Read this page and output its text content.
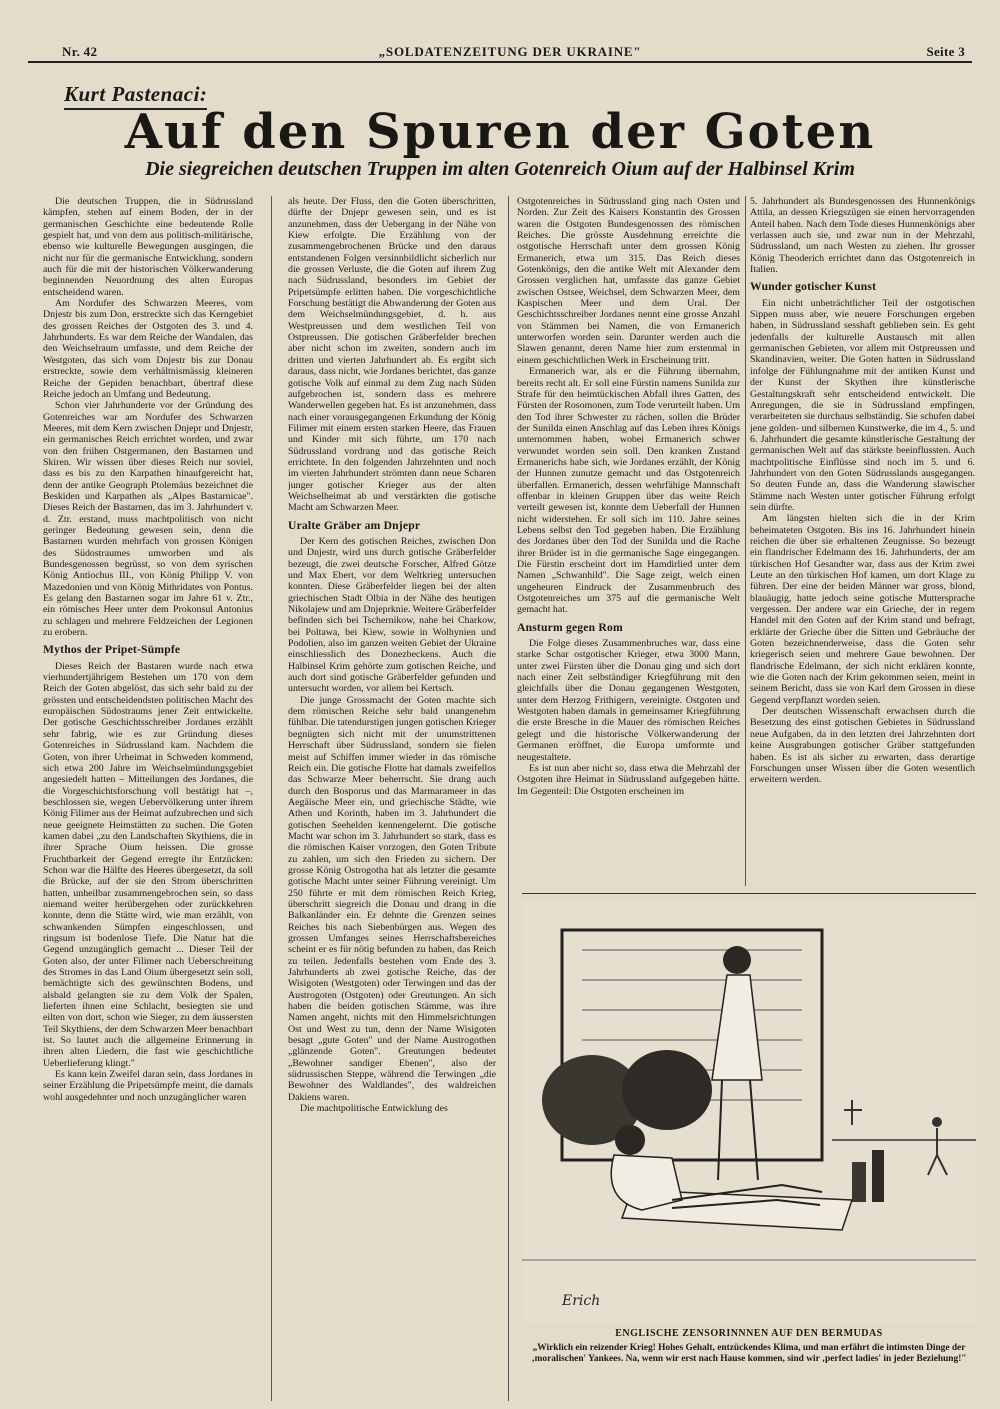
Nr. 42	„SOLDATENZEITUNG DER UKRAINE"	Seite 3
Kurt Pastenaci:
Auf den Spuren der Goten
Die siegreichen deutschen Truppen im alten Gotenreich Oium auf der Halbinsel Krim

Die deutschen Truppen, die in Südrussland kämpfen, stehen auf einem Boden, der in der germanischen Geschichte eine bedeutende Rolle gespielt hat, und von dem aus politisch-militärische, ebenso wie kulturelle Bewegungen ausgingen, die nicht nur für die germanische Entwicklung, sondern auch für die mit der historischen Völkerwanderung beginnenden Neuordnung des alten Europas entscheidend waren.

Am Nordufer des Schwarzen Meeres, vom Dnjestr bis zum Don, erstreckte sich das Kerngebiet des grossen Reiches der Ostgoten des 3. und 4. Jahrhunderts. Es war dem Reiche der Wandalen, das den Weichselraum umfasste, und dem Reiche der Westgoten, das sich vom Dnjestr bis zur Donau erstreckte, sowie dem verhältnismässig kleineren Reiche der Gepiden benachbart, übertraf diese Reiche jedoch an Umfang und Bedeutung.

Schon vier Jahrhunderte vor der Gründung des Gotenreiches war am Nordufer des Schwarzen Meeres, mit dem Kern zwischen Dnjepr und Dnjestr, ein germanisches Reich errichtet worden, und zwar von den frühen Ostgermanen, den Bastarnen und Skiren. Wir wissen über dieses Reich nur soviel, dass es bis zu den Karpathen hinaufgereicht hat, denn der antike Geograph Ptolemäus bezeichnet die Beskiden und Karpathen als „Alpes Bastarnicae". Dieses Reich der Bastarnen, das im 3. Jahrhundert v. d. Ztr. erstand, muss machtpolitisch von nicht geringer Bedeutung gewesen sein, denn die Bastarnen wurden mehrfach von grossen Königen des Südostraumes umworben und als Bundesgenossen begrüsst, so von dem syrischen König Antiochus III., von König Philipp V. von Mazedonien und von König Mithridates von Pontus. Es gelang den Bastarnen sogar im Jahre 61 v. Ztr., ein römisches Heer unter dem Prokonsul Antonius zu schlagen und mehrere Feldzeichen der Legionen zu erobern.

Mythos der Pripet-Sümpfe

Dieses Reich der Bastaren wurde nach etwa vierhundertjährigem Bestehen um 170 von dem Reich der Goten abgelöst, das sich sehr bald zu der grössten und entscheidendsten politischen Macht des europäischen Südostraums jener Zeit entwickelte. Der gotische Geschichtsschreiber Jordanes erzählt sehr fabrig, wie es zur Gründung dieses Gotenreiches in Südrussland kam. Nachdem die Goten, von ihrer Urheimat in Schweden kommend, sich etwa 200 Jahre im Weichselmündungsgebiet angesiedelt hatten – Mitteilungen des Jordanes, die die Vorgeschichtsforschung voll bestätigt hat –, beschlossen sie, wegen Uebervölkerung unter ihrem König Filimer aus der Heimat aufzubrechen und sich neue geeignete Heimstätten zu suchen. Die Goten kamen dabei „zu den Landschaften Skythiens, die in ihrer Sprache Oium heissen. Die grosse Fruchtbarkeit der Gegend erregte ihr Entzücken: Schon war die Hälfte des Heeres übergesetzt, da soll die Brücke, auf der sie den Strom überschritten hatten, unheilbar zusammengebrochen sein, so dass niemand weiter herübergehen oder zurückkehren konnte, denn die Stätte wird, wie man erzählt, von schwankenden Sümpfen eingeschlossen, und ringsum ist bodenlose Tiefe. Die Natur hat die Gegend unzugänglich gemacht ... Dieser Teil der Goten also, der unter Filimer nach Ueberschreitung des Stromes in das Land Oium übergesetzt sein soll, bemächtigte sich des gewünschten Bodens, und alsbald gelangten sie zu dem Volk der Spalen, lieferten ihnen eine Schlacht, besiegten sie und eilten von dort, schon wie Sieger, zu dem äussersten Teil Skythiens, der dem Schwarzen Meer benachbart ist. So lautet auch die allgemeine Erinnerung in ihren alten Liedern, die fast wie geschichtliche Ueberlieferung klingt."

Es kann kein Zweifel daran sein, dass Jordanes in seiner Erzählung die Pripetsümpfe meint, die damals wohl ausgedehnter und noch unzugänglicher waren

als heute. Der Fluss, den die Goten überschritten, dürfte der Dnjepr gewesen sein, und es ist anzunehmen, dass der Uebergang in der Nähe von Kiew erfolgte. Die Erzählung von der zusammengebrochenen Brücke und den daraus entstandenen Folgen versinnbildlicht sicherlich nur die grossen Verluste, die die Goten auf ihrem Zug nach Südrussland, besonders im Gebiet der Pripetsümpfe erlitten haben. Die vorgeschichtliche Forschung bestätigt die Abwanderung der Goten aus dem Weichselmündungsgebiet, d. h. aus Westpreussen und dem westlichen Teil von Ostpreussen. Die gotischen Gräberfelder brechen aber nicht schon im zweiten, sondern auch im dritten und vierten Jahrhundert ab. Es ergibt sich daraus, dass nicht, wie Jordanes berichtet, das ganze gotische Volk auf einmal zu dem Zug nach Süden aufgebrochen ist, sondern dass es mehrere Wanderwellen gegeben hat. Es ist anzunehmen, dass nach einer vorausgegangenen Erkundung der König Filimer mit einem ersten starken Heere, das Frauen und Kinder mit sich führte, um 170 nach Südrussland vordrang und das gotische Reich errichtete. In den folgenden Jahrzehnten und noch im vierten Jahrhundert strömten dann neue Scharen junger gotischer Krieger aus der alten Weichselheimat ab und verstärkten die gotische Macht am Schwarzen Meer.

Uralte Gräber am Dnjepr

Der Kern des gotischen Reiches, zwischen Don und Dnjestr, wird uns durch gotische Gräberfelder bezeugt, die zwei deutsche Forscher, Alfred Götze und Max Ebert, vor dem Weltkrieg untersuchen konnten. Diese Gräberfelder liegen bei der alten griechischen Stadt Olbia in der Nähe des heutigen Nikolajew und am Dnjeprknie. Weitere Gräberfelder befinden sich bei Tschernikow, nahe bei Charkow, bei Poltawa, bei Kiew, sowie in Wolhynien und Podolien, also im ganzen weiten Gebiet der Ukraine einschliesslich des Donezbeckens. Auch die Halbinsel Krim gehörte zum gotischen Reiche, und auch dort sind gotische Gräberfelder gefunden und untersucht worden, vor allem bei Kertsch.

Die junge Grossmacht der Goten machte sich dem römischen Reiche sehr bald unangenehm fühlbar. Die tatendurstigen jungen gotischen Krieger begnügten sich nicht mit der unumstrittenen Herrschaft über Südrussland, sondern sie fielen meist auf Schiffen immer wieder in das römische Reich ein. Die gotische Flotte hat damals zweifellos das Schwarze Meer beherrscht. Sie drang auch durch den Bosporus und das Marmarameer in das Aegäische Meer ein, und griechische Städte, wie Athen und Korinth, haben im 3. Jahrhundert die gotischen Seehelden kennengelernt. Die gotische Macht war schon im 3. Jahrhundert so stark, dass es die römischen Kaiser vorzogen, den Goten Tribute zu zahlen, um sich den Frieden zu sichern. Der grosse König Ostrogotha hat als letzter die gesamte gotische Macht unter seiner Führung vereinigt. Um 250 führte er mit dem römischen Reich Krieg, überschritt siegreich die Donau und drang in die Balkanländer ein. Er dehnte die Grenzen seines Reiches bis nach Siebenbürgen aus. Wegen des grossen Umfanges seines Herrschaftsbereiches scheint er es für nötig befunden zu haben, das Reich zu teilen. Jedenfalls bestehen vom Ende des 3. Jahrhunderts ab zwei gotische Reiche, das der Wisigoten (Westgoten) oder Terwingen und das der Austrogoten (Ostgoten) oder Greutungen. An sich haben die beiden gotischen Stämme, was ihre Namen angeht, nichts mit den Himmelsrichtungen Ost und West zu tun, denn der Name Wisigoten besagt „gute Goten" und der Name Austrogothen „glänzende Goten". Greutungen bedeutet „Bewohner sandiger Ebenen", also der südrussischen Steppe, während die Terwingen „die Bewohner des Waldlandes", des waldreichen Dakiens waren.

Die machtpolitische Entwicklung des

Ostgotenreiches in Südrussland ging nach Osten und Norden. Zur Zeit des Kaisers Konstantin des Grossen waren die Ostgoten Bundesgenossen des römischen Reiches. Die grösste Ausdehnung erreichte die ostgotische Herrschaft unter dem grossen König Ermanerich, etwa um 315. Das Reich dieses Gotenkönigs, den die antike Welt mit Alexander dem Grossen verglichen hat, umfasste das ganze Gebiet zwischen Ostsee, Weichsel, dem Schwarzen Meer, dem Kaspischen Meer und dem Ural. Der Geschichtsschreiber Jordanes nennt eine grosse Anzahl von Stämmen bei Namen, die von Ermanerich unterworfen worden sein. Darunter werden auch die Slawen genannt, deren Name hier zum erstenmal in einem geschichtlichen Werk in Erscheinung tritt.

Ermanerich war, als er die Führung übernahm, bereits recht alt. Er soll eine Fürstin namens Sunilda zur Strafe für den heimtückischen Abfall ihres Gatten, des Fürsten der Rosomonen, zum Tode verurteilt haben. Um den Tod ihrer Schwester zu rächen, sollen die Brüder der Sunilda einen Anschlag auf das Leben ihres Königs unternommen haben, wobei Ermanerich schwer verwundet worden sein soll. Den kranken Zustand Ermanerichs habe sich, wie Jordanes erzählt, der König der Hunnen zunutze gemacht und das Ostgotenreich überfallen. Ermanerich, dessen wehrfähige Mannschaft offenbar in kleinen Gruppen über das weite Reich verteilt gewesen ist, konnte dem Ueberfall der Hunnen nicht widerstehen. Er soll sich im 110. Jahre seines Lebens selbst den Tod gegeben haben. Die Erzählung des Jordanes über den Tod der Sunilda und die Rache ihrer Brüder ist in die germanische Sage eingegangen. Die Fürstin erscheint dort im Hamdirlied unter dem Namen „Schwanhild". Die Sage zeigt, welch einen ungeheuren Eindruck der Zusammenbruch des Ostgotenreiches um 375 auf die germanische Welt gemacht hat.

Ansturm gegen Rom

Die Folge dieses Zusammenbruches war, dass eine starke Schar ostgotischer Krieger, etwa 3000 Mann, unter zwei Fürsten über die Donau ging und sich dort nach einer Zeit selbständiger Kriegführung mit den gleichfalls über die Donau gegangenen Westgoten, unter dem Herzog Frithigern, vereinigte. Ostgoten und Westgoten haben damals in gemeinsamer Kriegführung die erste Bresche in die Mauer des römischen Reiches gelegt und die historische Völkerwanderung der Germanen eröffnet, die Europa umformte und neugestaltete.

Es ist nun aber nicht so, dass etwa die Mehrzahl der Ostgoten ihre Heimat in Südrussland aufgegeben hätte. Im Gegenteil: Die Ostgoten erscheinen im

5. Jahrhundert als Bundesgenossen des Hunnenkönigs Attila, an dessen Kriegszügen sie einen hervorragenden Anteil haben. Nach dem Tode dieses Hunnenkönigs aber verlassen auch sie, und zwar nun in der Mehrzahl, Südrussland, um nach Westen zu ziehen. Ihr grosser König Theoderich errichtet dann das Ostgotenreich in Italien.

Wunder gotischer Kunst

Ein nicht unbeträchtlicher Teil der ostgotischen Sippen muss aber, wie neuere Forschungen ergeben haben, in Südrussland sesshaft geblieben sein. Es geht jedenfalls der kulturelle Austausch mit allen germanischen Gebieten, vor allem mit Ostpreussen und Skandinavien, weiter. Die Goten hatten in Südrussland infolge der Fühlungnahme mit der antiken Kunst und der Kunst der Skythen ihre künstlerische Gestaltungskraft sehr entscheidend entwickelt. Die Anregungen, die sie in Südrussland empfingen, verarbeiteten sie durchaus selbständig. Sie schufen dabei jene golden- und silbernen Kunstwerke, die im 4., 5. und 6. Jahrhundert die gesamte künstlerische Gestaltung der germanischen Welt auf das stärkste beeinflussten. Auch machtpolitische Einflüsse sind noch im 5. und 6. Jahrhundert von den Goten Südrusslands ausgegangen. So deuten Funde an, dass die Wanderung slawischer Stämme nach Westen unter gotischer Führung erfolgt sein dürfte.

Am längsten hielten sich die in der Krim beheimateten Ostgoten. Bis ins 16. Jahrhundert hinein reichen die über sie erhaltenen Zeugnisse. So bezeugt ein flandrischer Edelmann des 16. Jahrhunderts, der am türkischen Hof Gesandter war, dass aus der Krim zwei Leute an den türkischen Hof kamen, um dort Klage zu führen. Der eine der beiden Männer war gross, blond, blauäugig, hatte jedoch seine gotische Muttersprache vergessen. Der andere war ein Grieche, der in regem Handel mit den Goten auf der Krim stand und befragt, erklärte der Grieche über die Sitten und Gebräuche der Goten bezeichnenderweise, dass die Goten sehr kriegerisch seien und mehrere Gaue bewohnen. Der flandrische Edelmann, der sich nicht erklären konnte, wie die Goten nach der Krim gekommen seien, meint in seinem Bericht, dass sie von Karl dem Grossen in diese Gegend verpflanzt worden seien.

Der deutschen Wissenschaft erwachsen durch die Besetzung des einst gotischen Gebietes in Südrussland neue Aufgaben, da in den letzten drei Jahrzehnten dort keine Ausgrabungen gotischer Gräber stattgefunden haben. Es ist als sicher zu erwarten, dass derartige Forschungen unser Wissen über die Goten wesentlich erweitern werden.

Erich
ENGLISCHE ZENSORINNNEN AUF DEN BERMUDAS
„Wirklich ein reizender Krieg! Hohes Gehalt, entzückendes Klima, und man erfährt die intimsten Dinge der ‚moralischen' Yankees. Na, wenn wir erst nach Hause kommen, sind wir ‚perfect ladies' in jeder Beziehung!"
